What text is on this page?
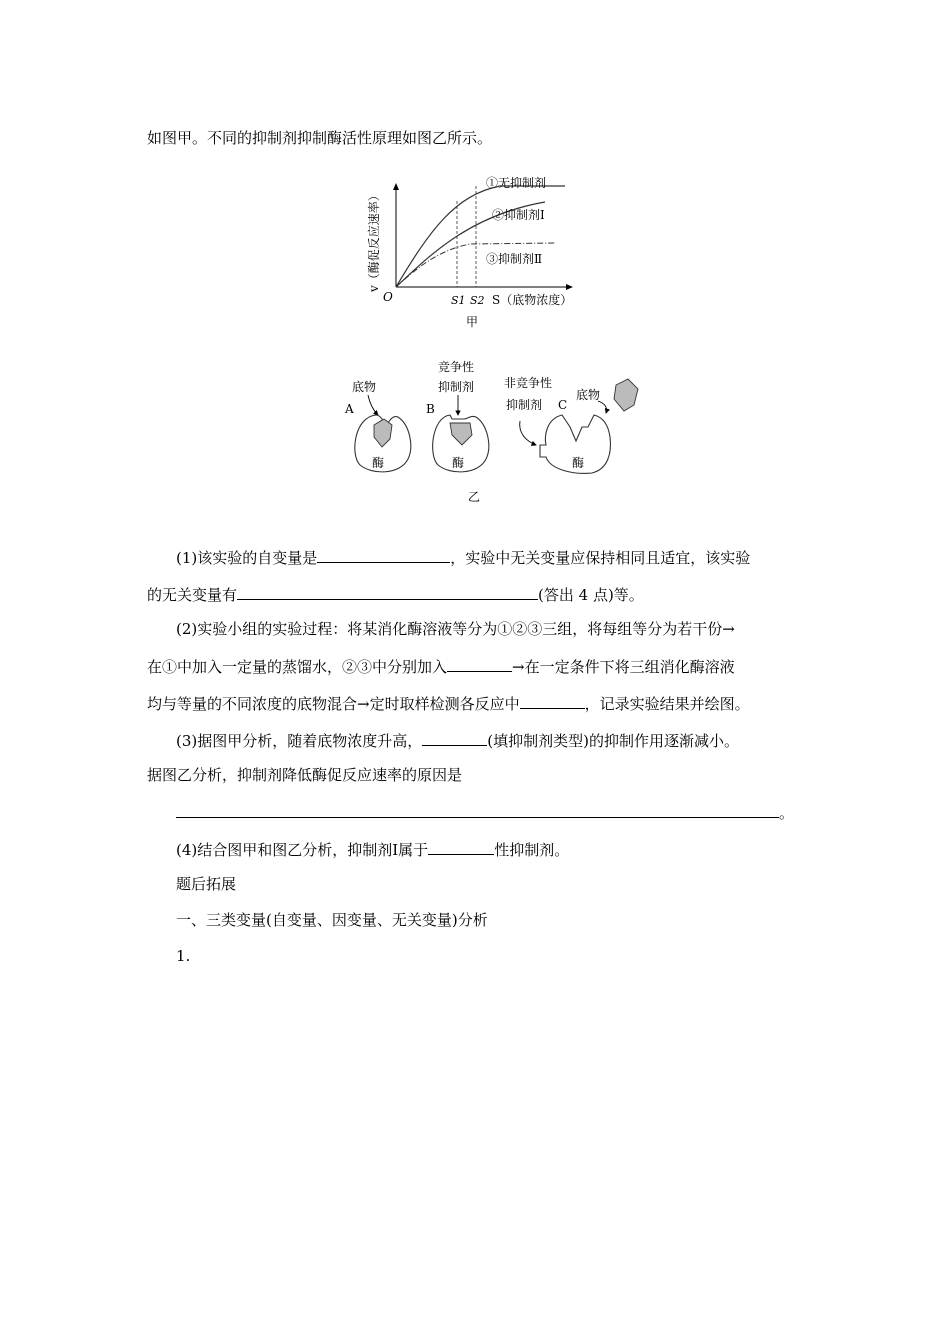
如图甲。不同的抑制剂抑制酶活性原理如图乙所示。
①无抑制剂
②抑制剂Ⅰ
③抑制剂Ⅱ
O	S1 S2 S（底物浓度）
v（酶促反应速率）
甲
A
底物
酶
B
竞争性
抑制剂
酶
非竞争性
抑制剂 C
底物
酶
乙
(1)该实验的自变量是	，实验中无关变量应保持相同且适宜，该实验
的无关变量有	(答出 4 点)等。
(2)实验小组的实验过程：将某消化酶溶液等分为①②③三组，将每组等分为若干份→
在①中加入一定量的蒸馏水，②③中分别加入	→在一定条件下将三组消化酶溶液
均与等量的不同浓度的底物混合→定时取样检测各反应中	，记录实验结果并绘图。
(3)据图甲分析，随着底物浓度升高，	(填抑制剂类型)的抑制作用逐渐减小。
据图乙分析，抑制剂降低酶促反应速率的原因是
。
(4)结合图甲和图乙分析，抑制剂Ⅰ属于	性抑制剂。
题后拓展
一、三类变量(自变量、因变量、无关变量)分析
1.
